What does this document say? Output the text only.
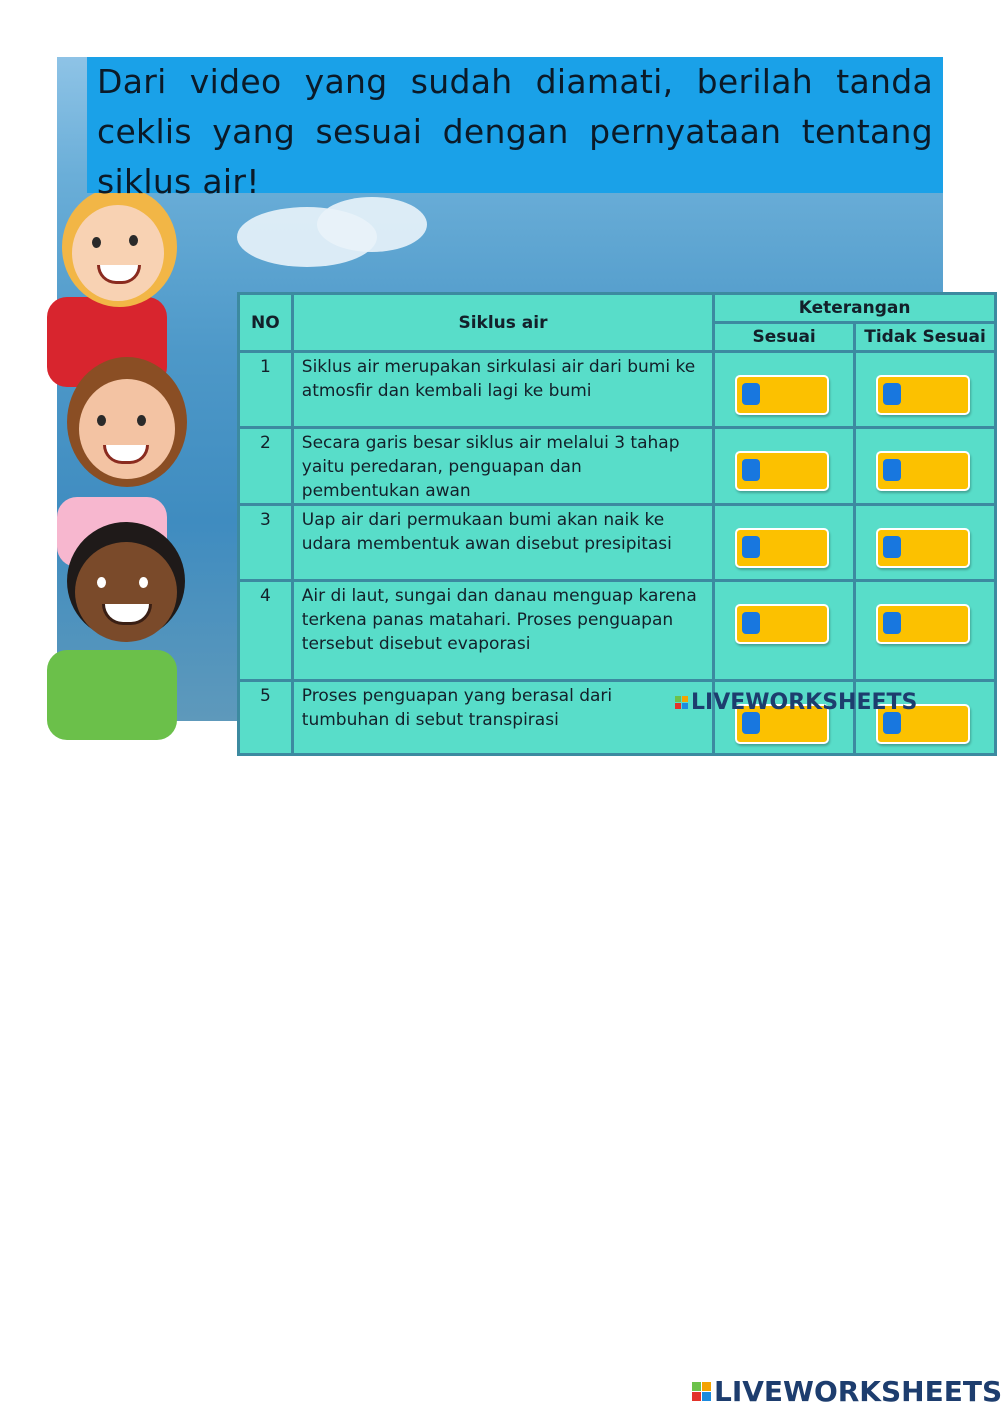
Dari video yang sudah diamati, berilah tanda ceklis yang sesuai dengan pernyataan tentang siklus air!

NO	Siklus air	Keterangan	
		Sesuai	Tidak Sesuai
1	Siklus air merupakan sirkulasi air dari bumi ke atmosfir dan kembali lagi ke bumi	

2	Secara garis besar siklus air melalui 3 tahap yaitu peredaran, penguapan dan pembentukan awan	

3	Uap air dari permukaan bumi akan naik ke udara membentuk awan disebut presipitasi	

4	Air di laut, sungai dan danau menguap karena terkena panas matahari. Proses penguapan tersebut disebut evaporasi	

5	Proses penguapan yang berasal dari tumbuhan di sebut transpirasi	

LIVEWORKSHEETS
LIVEWORKSHEETS
